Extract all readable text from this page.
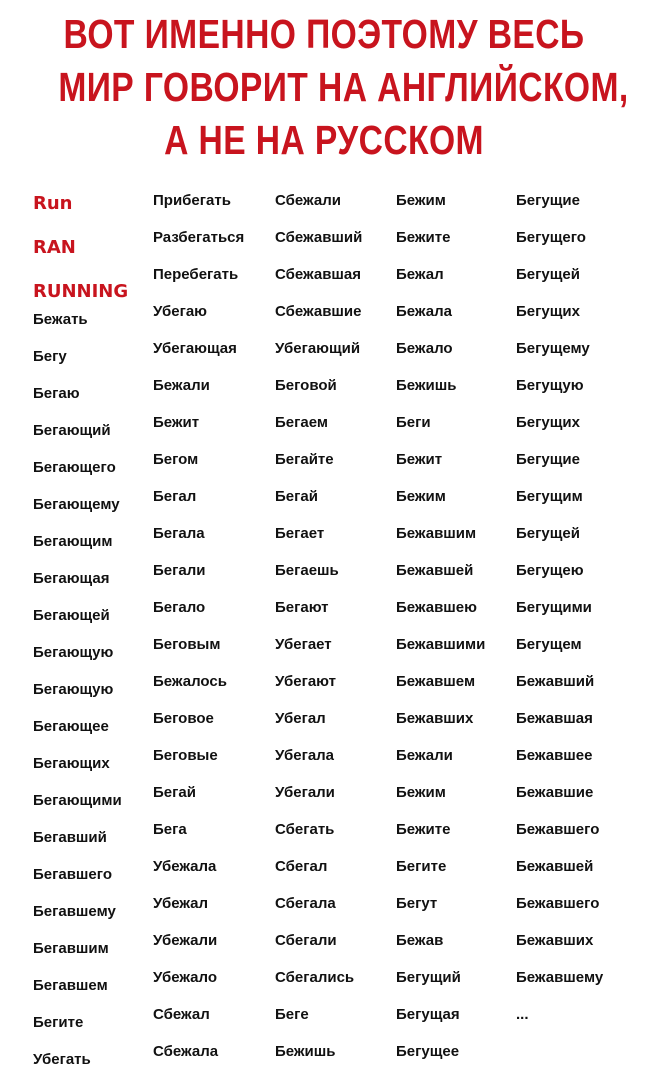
ВОТ ИМЕННО ПОЭТОМУ ВЕСЬ
МИР ГОВОРИТ НА АНГЛИЙСКОМ,
А НЕ НА РУССКОМ
Run
RAN
RUNNING
Бежать
Бегу
Бегаю
Бегающий
Бегающего
Бегающему
Бегающим
Бегающая
Бегающей
Бегающую
Бегающую
Бегающее
Бегающих
Бегающими
Бегавший
Бегавшего
Бегавшему
Бегавшим
Бегавшем
Бегите
Убегать
Прибегать
Разбегаться
Перебегать
Убегаю
Убегающая
Бежали
Бежит
Бегом
Бегал
Бегала
Бегали
Бегало
Беговым
Бежалось
Беговое
Беговые
Бегай
Бега
Убежала
Убежал
Убежали
Убежало
Сбежал
Сбежала
Сбежали
Сбежавший
Сбежавшая
Сбежавшие
Убегающий
Беговой
Бегаем
Бегайте
Бегай
Бегает
Бегаешь
Бегают
Убегает
Убегают
Убегал
Убегала
Убегали
Сбегать
Сбегал
Сбегала
Сбегали
Сбегались
Беге
Бежишь
Бежим
Бежите
Бежал
Бежала
Бежало
Бежишь
Беги
Бежит
Бежим
Бежавшим
Бежавшей
Бежавшею
Бежавшими
Бежавшем
Бежавших
Бежали
Бежим
Бежите
Бегите
Бегут
Бежав
Бегущий
Бегущая
Бегущее
Бегущие
Бегущего
Бегущей
Бегущих
Бегущему
Бегущую
Бегущих
Бегущие
Бегущим
Бегущей
Бегущею
Бегущими
Бегущем
Бежавший
Бежавшая
Бежавшее
Бежавшие
Бежавшего
Бежавшей
Бежавшего
Бежавших
Бежавшему
...
